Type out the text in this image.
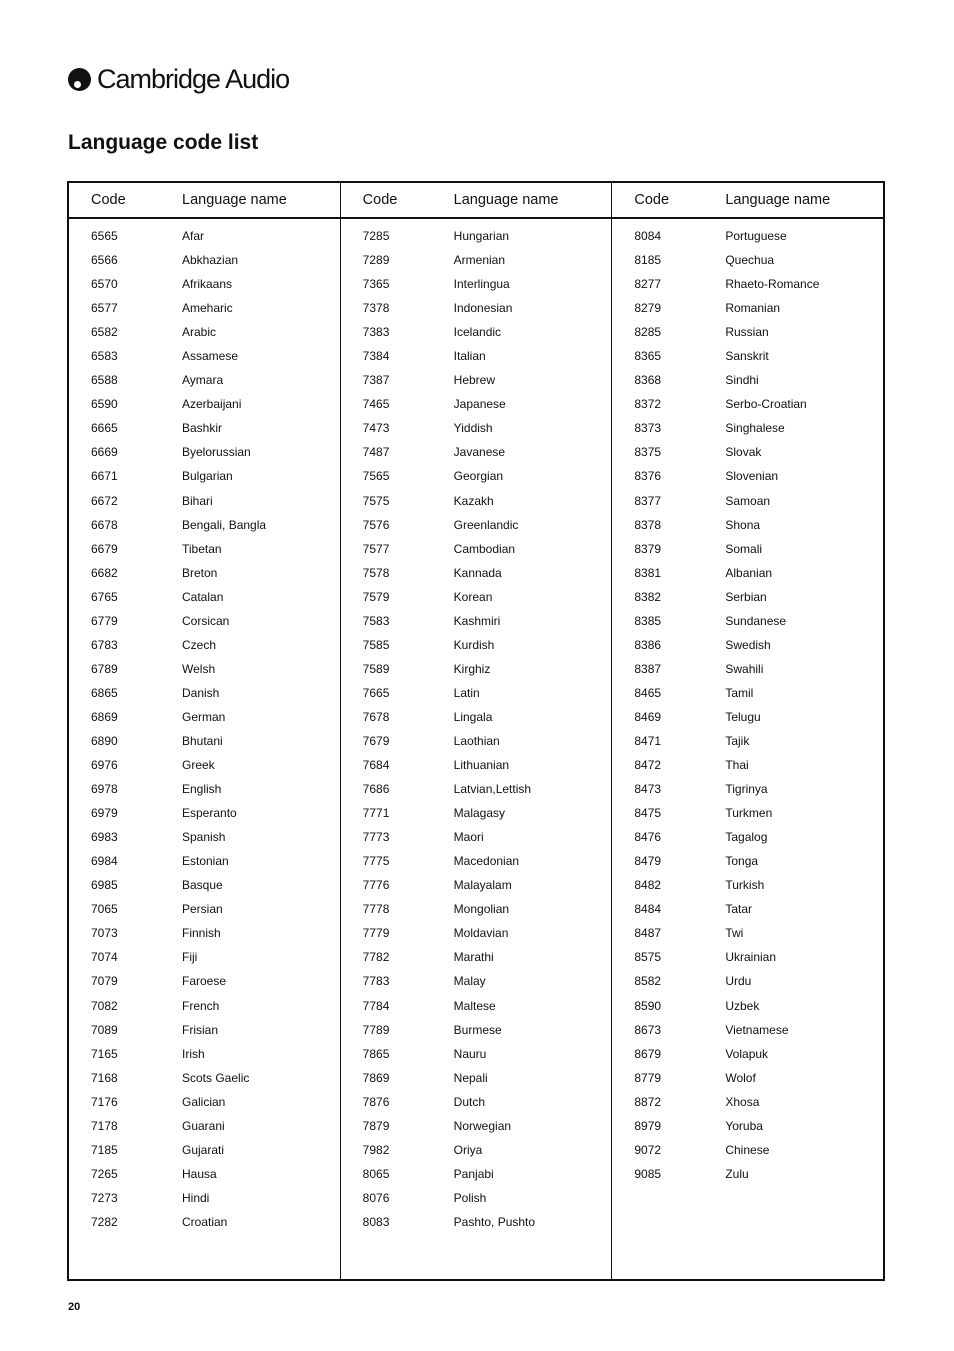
Cambridge Audio
Language code list
Code	Language name
6565	Afar
6566	Abkhazian
6570	Afrikaans
6577	Ameharic
6582	Arabic
6583	Assamese
6588	Aymara
6590	Azerbaijani
6665	Bashkir
6669	Byelorussian
6671	Bulgarian
6672	Bihari
6678	Bengali, Bangla
6679	Tibetan
6682	Breton
6765	Catalan
6779	Corsican
6783	Czech
6789	Welsh
6865	Danish
6869	German
6890	Bhutani
6976	Greek
6978	English
6979	Esperanto
6983	Spanish
6984	Estonian
6985	Basque
7065	Persian
7073	Finnish
7074	Fiji
7079	Faroese
7082	French
7089	Frisian
7165	Irish
7168	Scots Gaelic
7176	Galician
7178	Guarani
7185	Gujarati
7265	Hausa
7273	Hindi
7282	Croatian
Code	Language name
7285	Hungarian
7289	Armenian
7365	Interlingua
7378	Indonesian
7383	Icelandic
7384	Italian
7387	Hebrew
7465	Japanese
7473	Yiddish
7487	Javanese
7565	Georgian
7575	Kazakh
7576	Greenlandic
7577	Cambodian
7578	Kannada
7579	Korean
7583	Kashmiri
7585	Kurdish
7589	Kirghiz
7665	Latin
7678	Lingala
7679	Laothian
7684	Lithuanian
7686	Latvian,Lettish
7771	Malagasy
7773	Maori
7775	Macedonian
7776	Malayalam
7778	Mongolian
7779	Moldavian
7782	Marathi
7783	Malay
7784	Maltese
7789	Burmese
7865	Nauru
7869	Nepali
7876	Dutch
7879	Norwegian
7982	Oriya
8065	Panjabi
8076	Polish
8083	Pashto, Pushto
Code	Language name
8084	Portuguese
8185	Quechua
8277	Rhaeto-Romance
8279	Romanian
8285	Russian
8365	Sanskrit
8368	Sindhi
8372	Serbo-Croatian
8373	Singhalese
8375	Slovak
8376	Slovenian
8377	Samoan
8378	Shona
8379	Somali
8381	Albanian
8382	Serbian
8385	Sundanese
8386	Swedish
8387	Swahili
8465	Tamil
8469	Telugu
8471	Tajik
8472	Thai
8473	Tigrinya
8475	Turkmen
8476	Tagalog
8479	Tonga
8482	Turkish
8484	Tatar
8487	Twi
8575	Ukrainian
8582	Urdu
8590	Uzbek
8673	Vietnamese
8679	Volapuk
8779	Wolof
8872	Xhosa
8979	Yoruba
9072	Chinese
9085	Zulu
20
